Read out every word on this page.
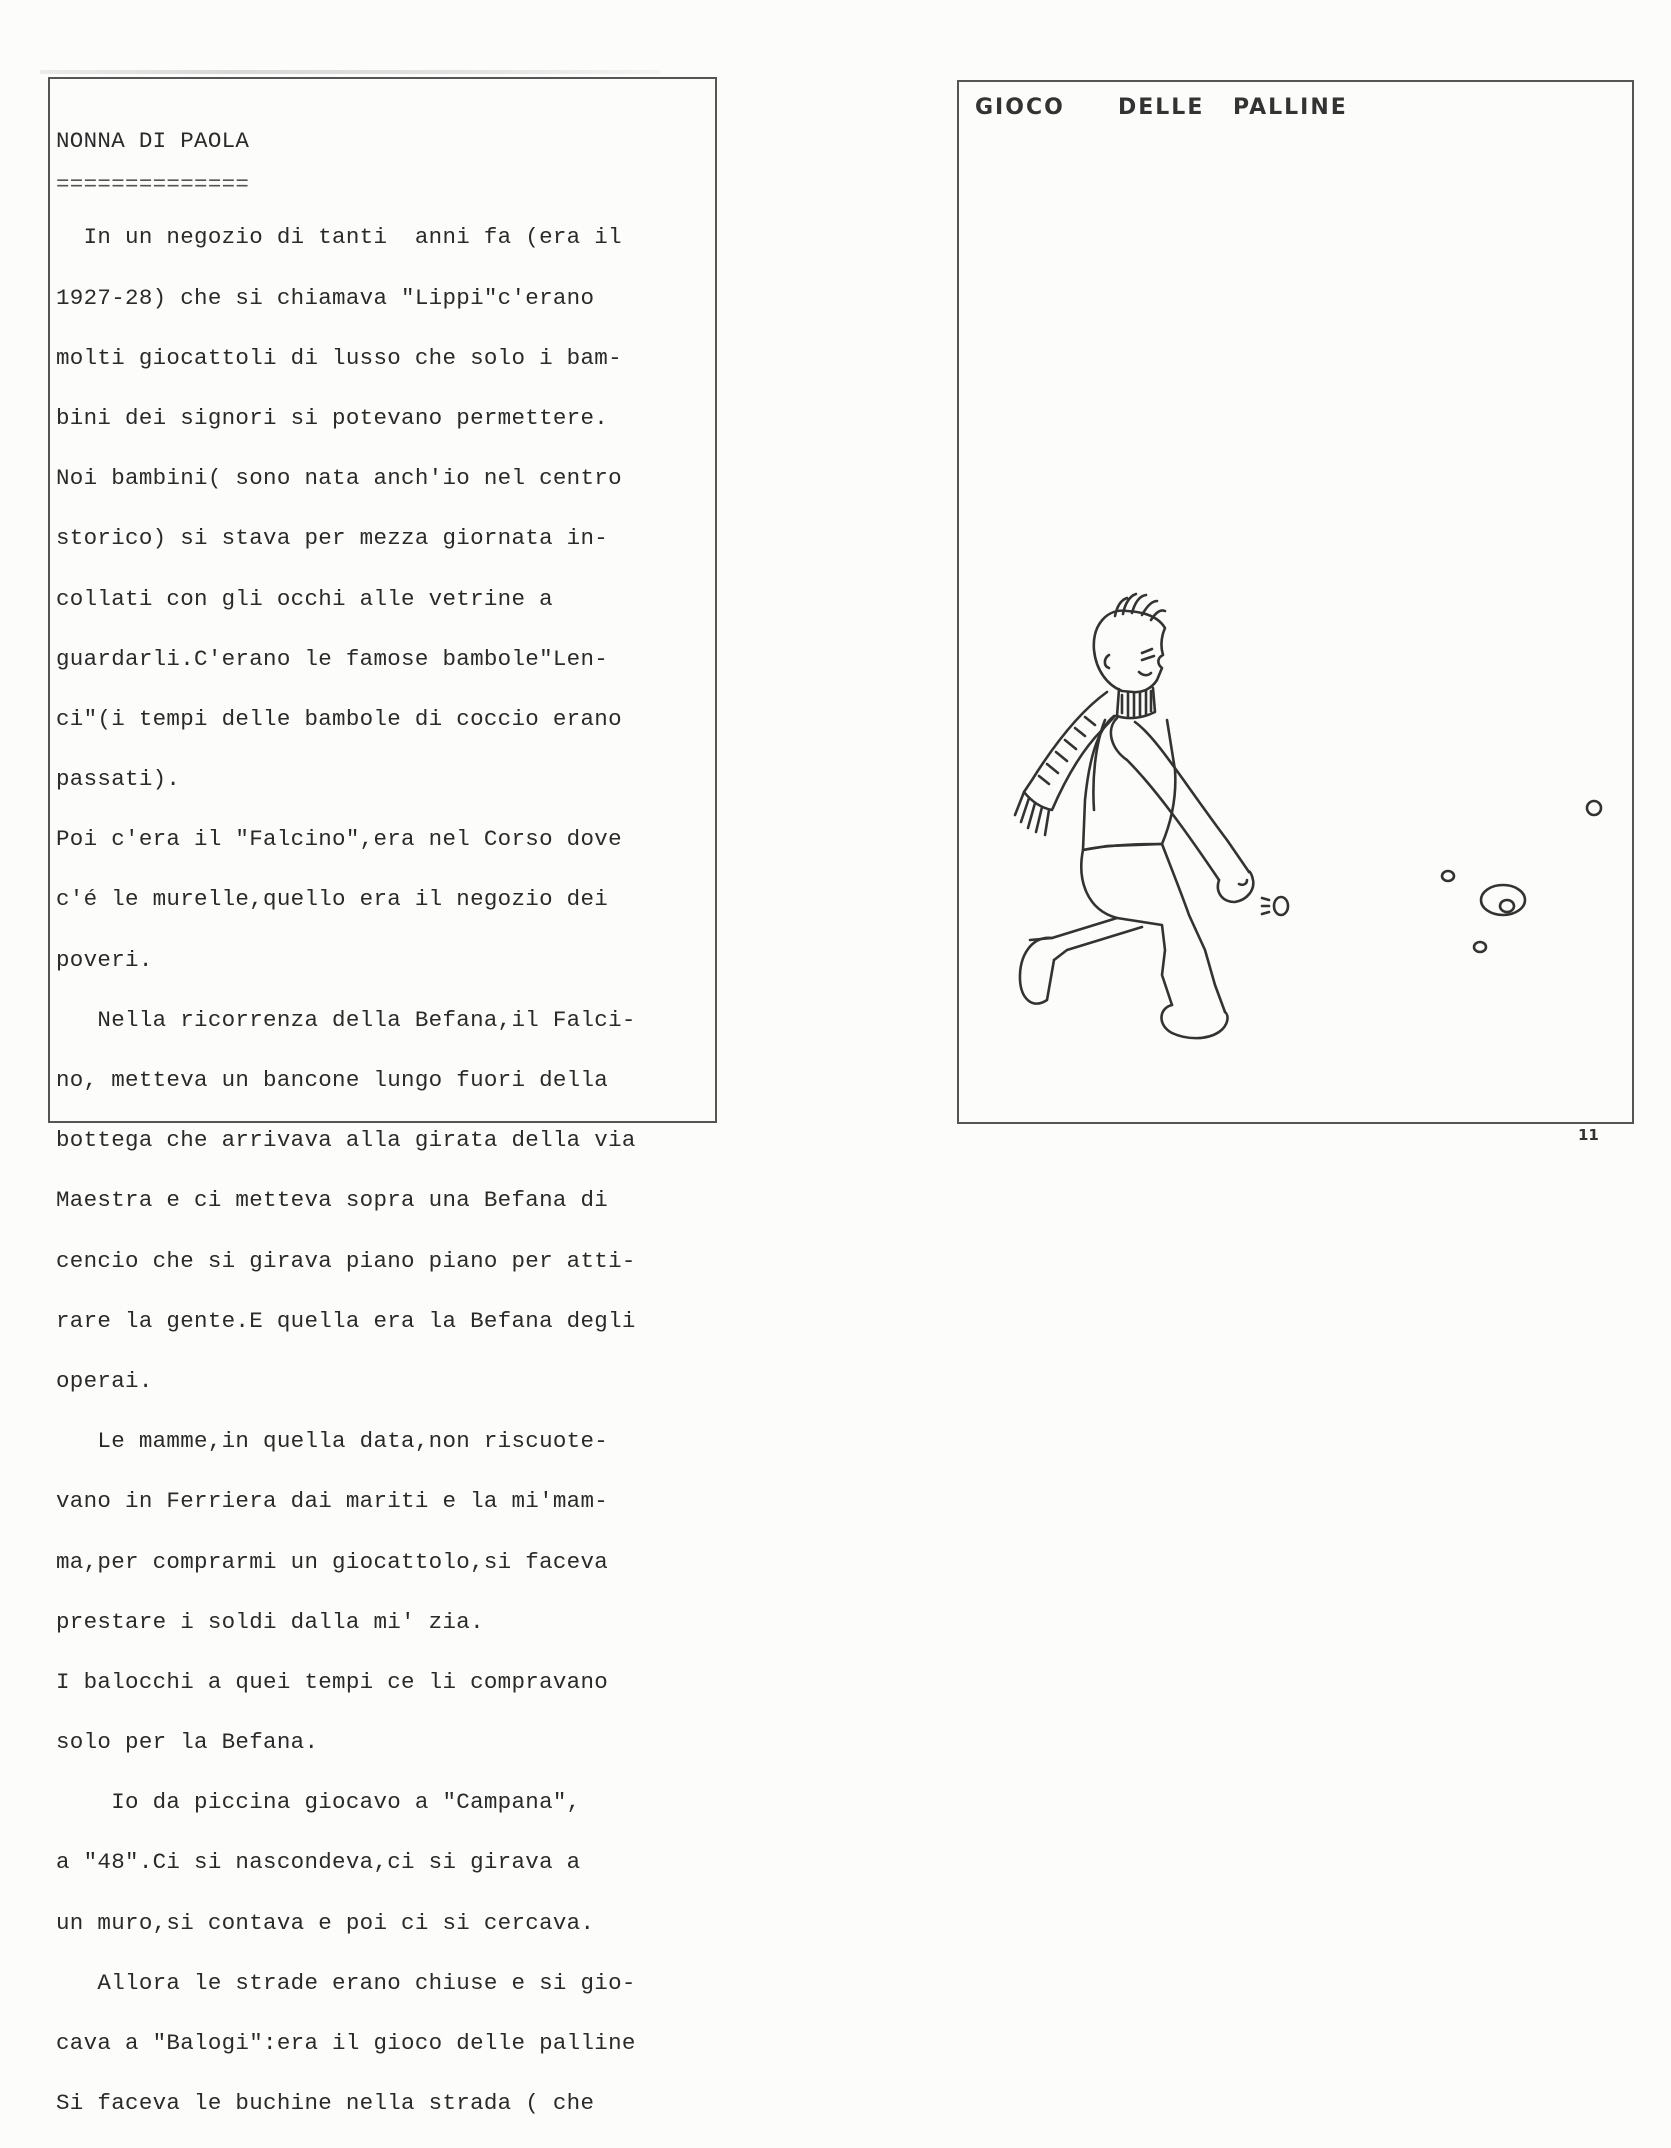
NONNA DI PAOLA

==============

In un negozio di tanti  anni fa (era il

1927-28) che si chiamava "Lippi"c'erano

molti giocattoli di lusso che solo i bam-

bini dei signori si potevano permettere.

Noi bambini( sono nata anch'io nel centro

storico) si stava per mezza giornata in-

collati con gli occhi alle vetrine a

guardarli.C'erano le famose bambole"Len-

ci"(i tempi delle bambole di coccio erano

passati).

Poi c'era il "Falcino",era nel Corso dove

c'é le murelle,quello era il negozio dei

poveri.

Nella ricorrenza della Befana,il Falci-

no, metteva un bancone lungo fuori della

bottega che arrivava alla girata della via

Maestra e ci metteva sopra una Befana di

cencio che si girava piano piano per atti-

rare la gente.E quella era la Befana degli

operai.

Le mamme,in quella data,non riscuote-

vano in Ferriera dai mariti e la mi'mam-

ma,per comprarmi un giocattolo,si faceva

prestare i soldi dalla mi' zia.

I balocchi a quei tempi ce li compravano

solo per la Befana.

Io da piccina giocavo a "Campana",

a "48".Ci si nascondeva,ci si girava a

un muro,si contava e poi ci si cercava.

Allora le strade erano chiuse e si gio-

cava a "Balogi":era il gioco delle palline

Si faceva le buchine nella strada ( che

GIOCO DELLE PALLINE
11
